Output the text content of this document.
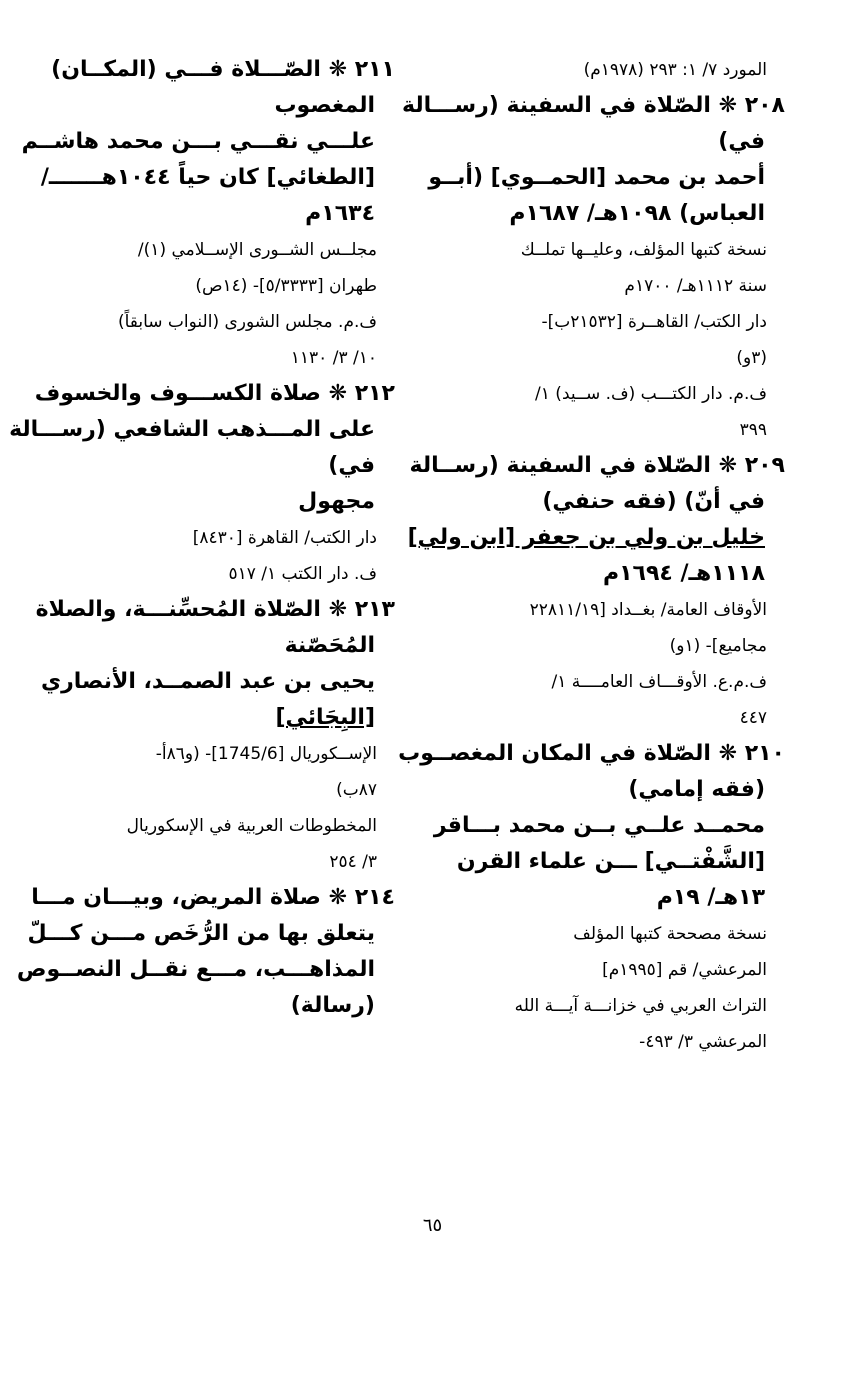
المورد ٧/ ١: ٢٩٣ (١٩٧٨م)
٢٠٨ ❋ الصّلاة في السفينة (رســـالة
في)
أحمد بن محمد [الحمــوي] (أبــو
العباس) ١٠٩٨هـ/ ١٦٨٧م
نسخة كتبها المؤلف، وعليــها تملــك
سنة ١١١٢هـ/ ١٧٠٠م
دار الكتب/ القاهــرة [٢١٥٣٢ب]-
(٣و)
ف.م. دار الكتـــب (ف. ســيد) ١/
٣٩٩
٢٠٩ ❋ الصّلاة في السفينة (رســالة
في أنّ) (فقه حنفي)
خليل بن ولي بن جعفر [ابن ولي]
١١١٨هـ/ ١٦٩٤م
الأوقاف العامة/ بغــداد [٢٢٨١١/١٩
مجاميع]- (١و)
ف.م.ع. الأوقـــاف العامــــة ١/
٤٤٧
٢١٠ ❋ الصّلاة في المكان المغصــوب
(فقه إمامي)
محمــد علــي بــن محمد بـــاقر
[الشَّفْتــي] ـــن علماء القرن
١٣هـ/ ١٩م
نسخة مصححة كتبها المؤلف
المرعشي/ قم [١٩٩٥م]
التراث العربي في خزانـــة آيـــة الله
المرعشي ٣/ ٤٩٣-
٢١١ ❋ الصّـــلاة فـــي (المكــان)
المغصوب
علـــي نقـــي بـــن محمد هاشــم
[الطغائي] كان حياً ١٠٤٤هـــــــ/
١٦٣٤م
مجلــس الشــورى الإســلامي (١)/
طهران [٥/٣٣٣٣]- (١٤ص)
ف.م. مجلس الشورى (النواب سابقاً)
١٠/ ٣/ ١١٣٠
٢١٢ ❋ صلاة الكســـوف والخسوف
على المـــذهب الشافعي (رســـالة
في)
مجهول
دار الكتب/ القاهرة [٨٤٣٠]
ف. دار الكتب ١/ ٥١٧
٢١٣ ❋ الصّلاة المُحسِّنـــة، والصلاة
المُحَصّنة
يحيى بن عبد الصمــد، الأنصاري
[البِجَائي]
الإســكوريال [1745/6]- (و٨٦أ-
٨٧ب)
المخطوطات العربية في الإسكوريال
٣/ ٢٥٤
٢١٤ ❋ صلاة المريض، وبيـــان مـــا
يتعلق بها من الرُّخَص مـــن كـــلّ
المذاهـــب، مـــع نقــل النصــوص
(رسالة)
٦٥
